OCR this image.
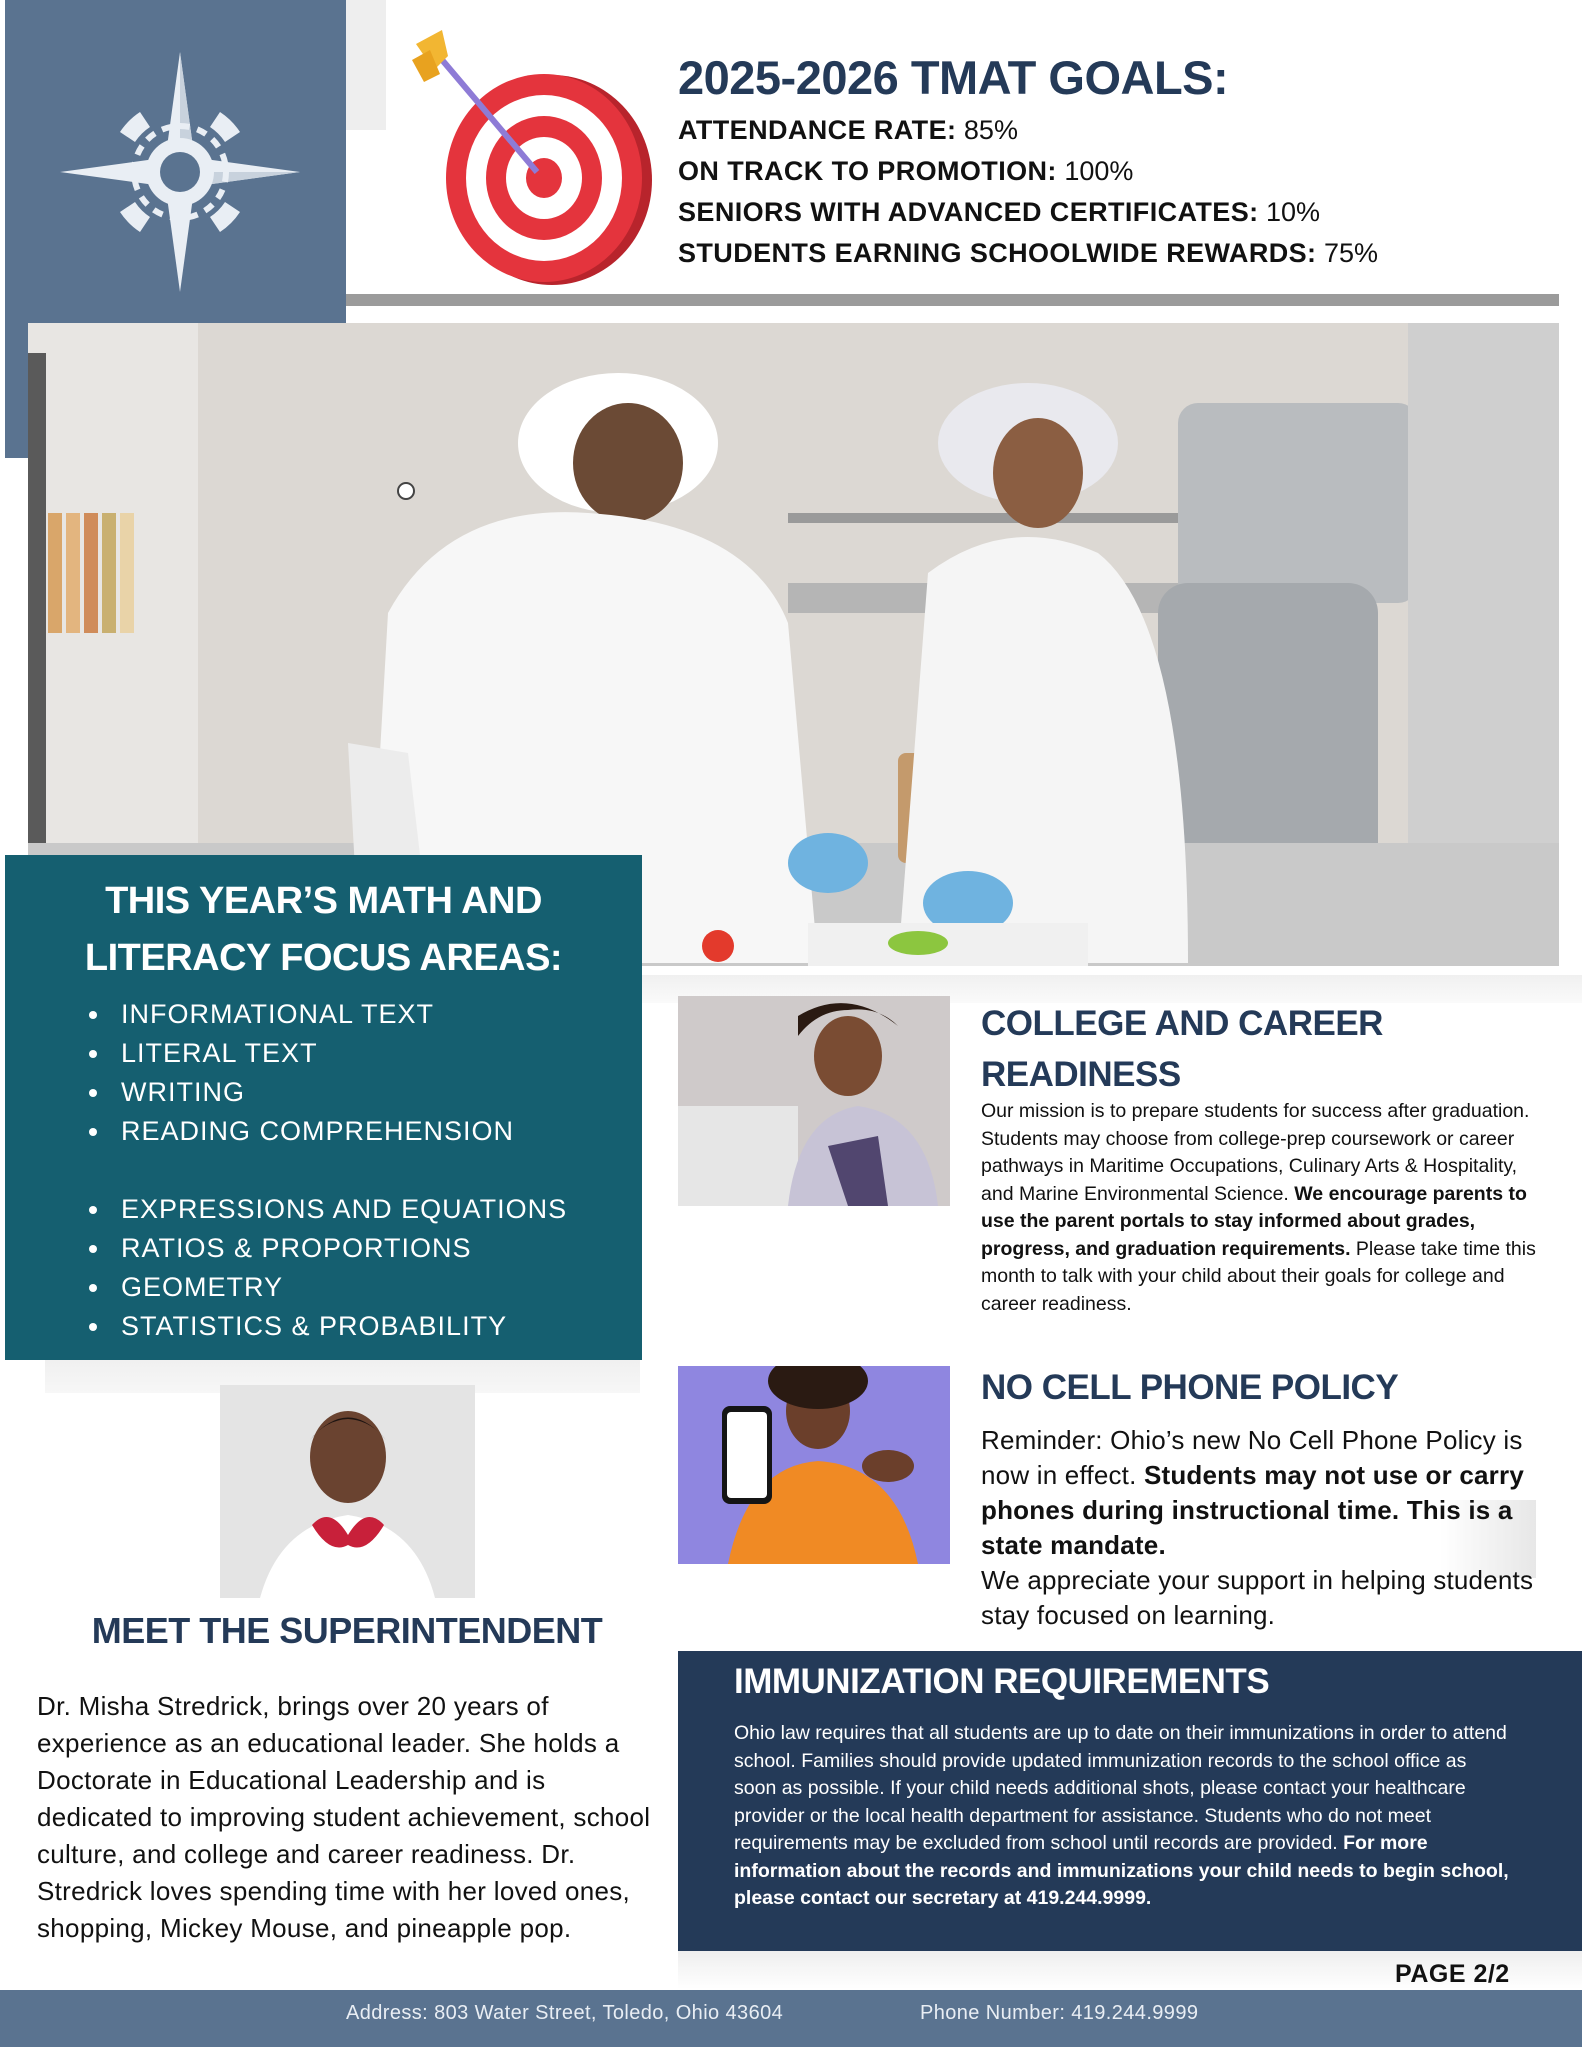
2025-2026 TMAT GOALS:
ATTENDANCE RATE: 85%
ON TRACK TO PROMOTION: 100%
SENIORS WITH ADVANCED CERTIFICATES: 10%
STUDENTS EARNING SCHOOLWIDE REWARDS: 75%
THIS YEAR’S MATH AND
LITERACY FOCUS AREAS:
INFORMATIONAL TEXT
LITERAL TEXT
WRITING
READING COMPREHENSION
EXPRESSIONS AND EQUATIONS
RATIOS & PROPORTIONS
GEOMETRY
STATISTICS & PROBABILITY
MEET THE SUPERINTENDENT
Dr. Misha Stredrick, brings over 20 years of experience as an educational leader. She holds a Doctorate in Educational Leadership and is dedicated to improving student achievement, school culture, and college and career readiness. Dr. Stredrick loves spending time with her loved ones, shopping, Mickey Mouse, and pineapple pop.
COLLEGE AND CAREER
READINESS
Our mission is to prepare students for success after graduation. Students may choose from college-prep coursework or career pathways in Maritime Occupations, Culinary Arts & Hospitality, and Marine Environmental Science. We encourage parents to use the parent portals to stay informed about grades, progress, and graduation requirements. Please take time this month to talk with your child about their goals for college and career readiness.
NO CELL PHONE POLICY
Reminder: Ohio’s new No Cell Phone Policy is now in effect. Students may not use or carry phones during instructional time. This is a state mandate.
We appreciate your support in helping students stay focused on learning.
IMMUNIZATION REQUIREMENTS
Ohio law requires that all students are up to date on their immunizations in order to attend school. Families should provide updated immunization records to the school office as soon as possible. If your child needs additional shots, please contact your healthcare provider or the local health department for assistance. Students who do not meet requirements may be excluded from school until records are provided. For more information about the records and immunizations your child needs to begin school, please contact our secretary at 419.244.9999.
PAGE 2/2
Address: 803 Water Street, Toledo, Ohio 43604	Phone Number: 419.244.9999
